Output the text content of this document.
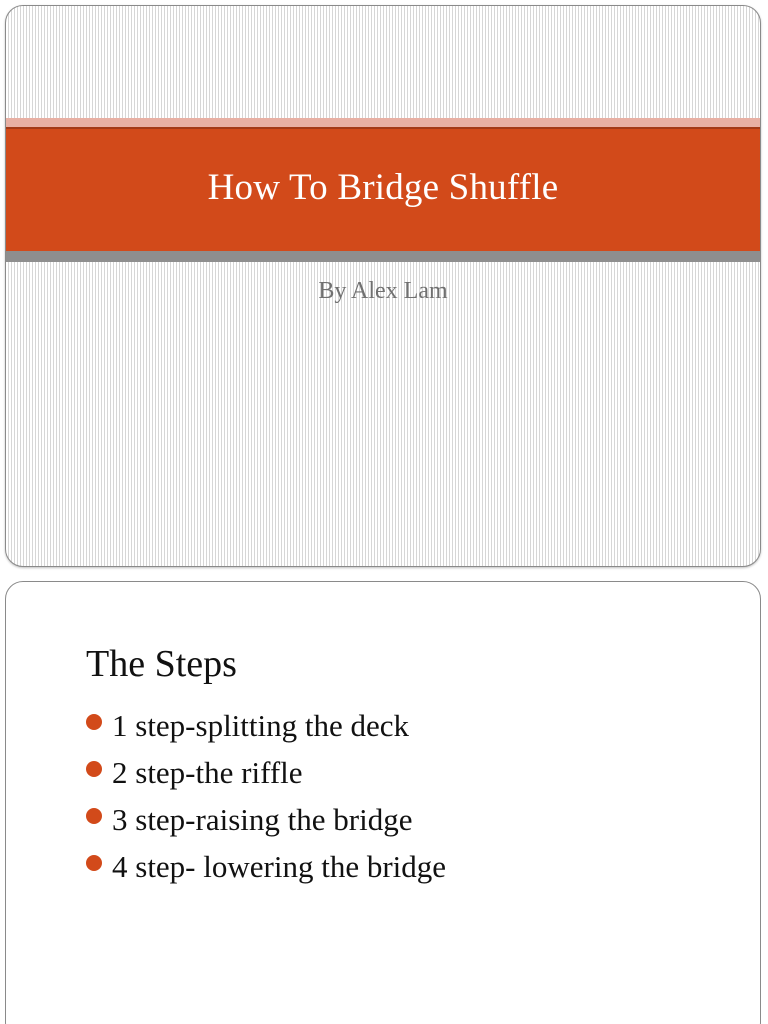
How To Bridge Shuffle
By Alex Lam
The Steps
1 step-splitting the deck
2 step-the riffle
3 step-raising the bridge
4 step- lowering the bridge
